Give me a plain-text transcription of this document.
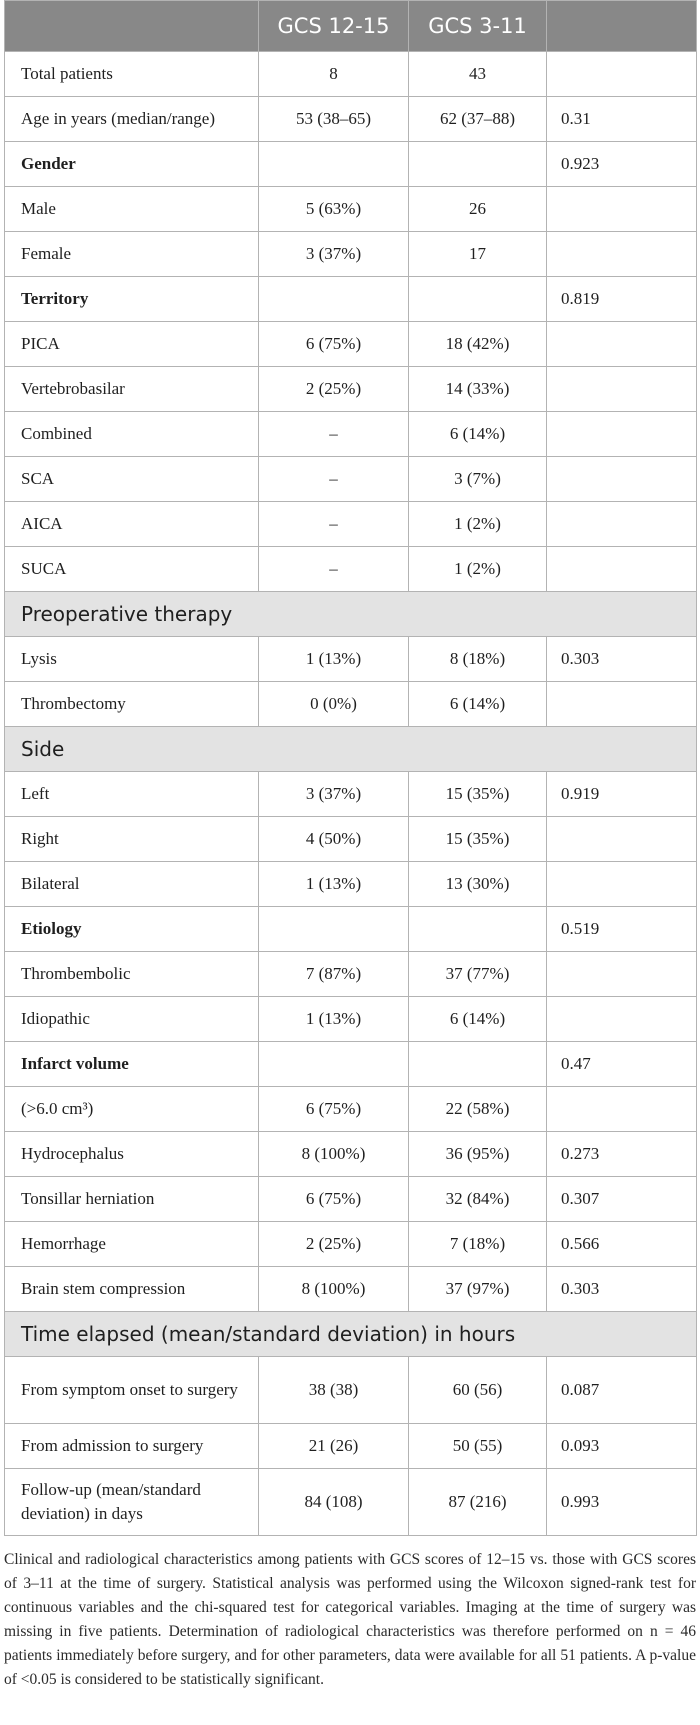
	GCS 12-15	GCS 3-11	
Total patients	8	43	
Age in years (median/range)	53 (38–65)	62 (37–88)	0.31
Gender			0.923
Male	5 (63%)	26	
Female	3 (37%)	17	
Territory			0.819
PICA	6 (75%)	18 (42%)	
Vertebrobasilar	2 (25%)	14 (33%)	
Combined	–	6 (14%)	
SCA	–	3 (7%)	
AICA	–	1 (2%)	
SUCA	–	1 (2%)	
Preoperative therapy			
Lysis	1 (13%)	8 (18%)	0.303
Thrombectomy	0 (0%)	6 (14%)	
Side			
Left	3 (37%)	15 (35%)	0.919
Right	4 (50%)	15 (35%)	
Bilateral	1 (13%)	13 (30%)	
Etiology			0.519
Thrombembolic	7 (87%)	37 (77%)	
Idiopathic	1 (13%)	6 (14%)	
Infarct volume			0.47
(>6.0 cm³)	6 (75%)	22 (58%)	
Hydrocephalus	8 (100%)	36 (95%)	0.273
Tonsillar herniation	6 (75%)	32 (84%)	0.307
Hemorrhage	2 (25%)	7 (18%)	0.566
Brain stem compression	8 (100%)	37 (97%)	0.303
Time elapsed (mean/standard deviation) in hours			
From symptom onset to surgery	38 (38)	60 (56)	0.087
From admission to surgery	21 (26)	50 (55)	0.093
Follow-up (mean/standard deviation) in days	84 (108)	87 (216)	0.993
Clinical and radiological characteristics among patients with GCS scores of 12–15 vs. those with GCS scores of 3–11 at the time of surgery. Statistical analysis was performed using the Wilcoxon signed-rank test for continuous variables and the chi-squared test for categorical variables. Imaging at the time of surgery was missing in five patients. Determination of radiological characteristics was therefore performed on n = 46 patients immediately before surgery, and for other parameters, data were available for all 51 patients. A p-value of <0.05 is considered to be statistically significant.
